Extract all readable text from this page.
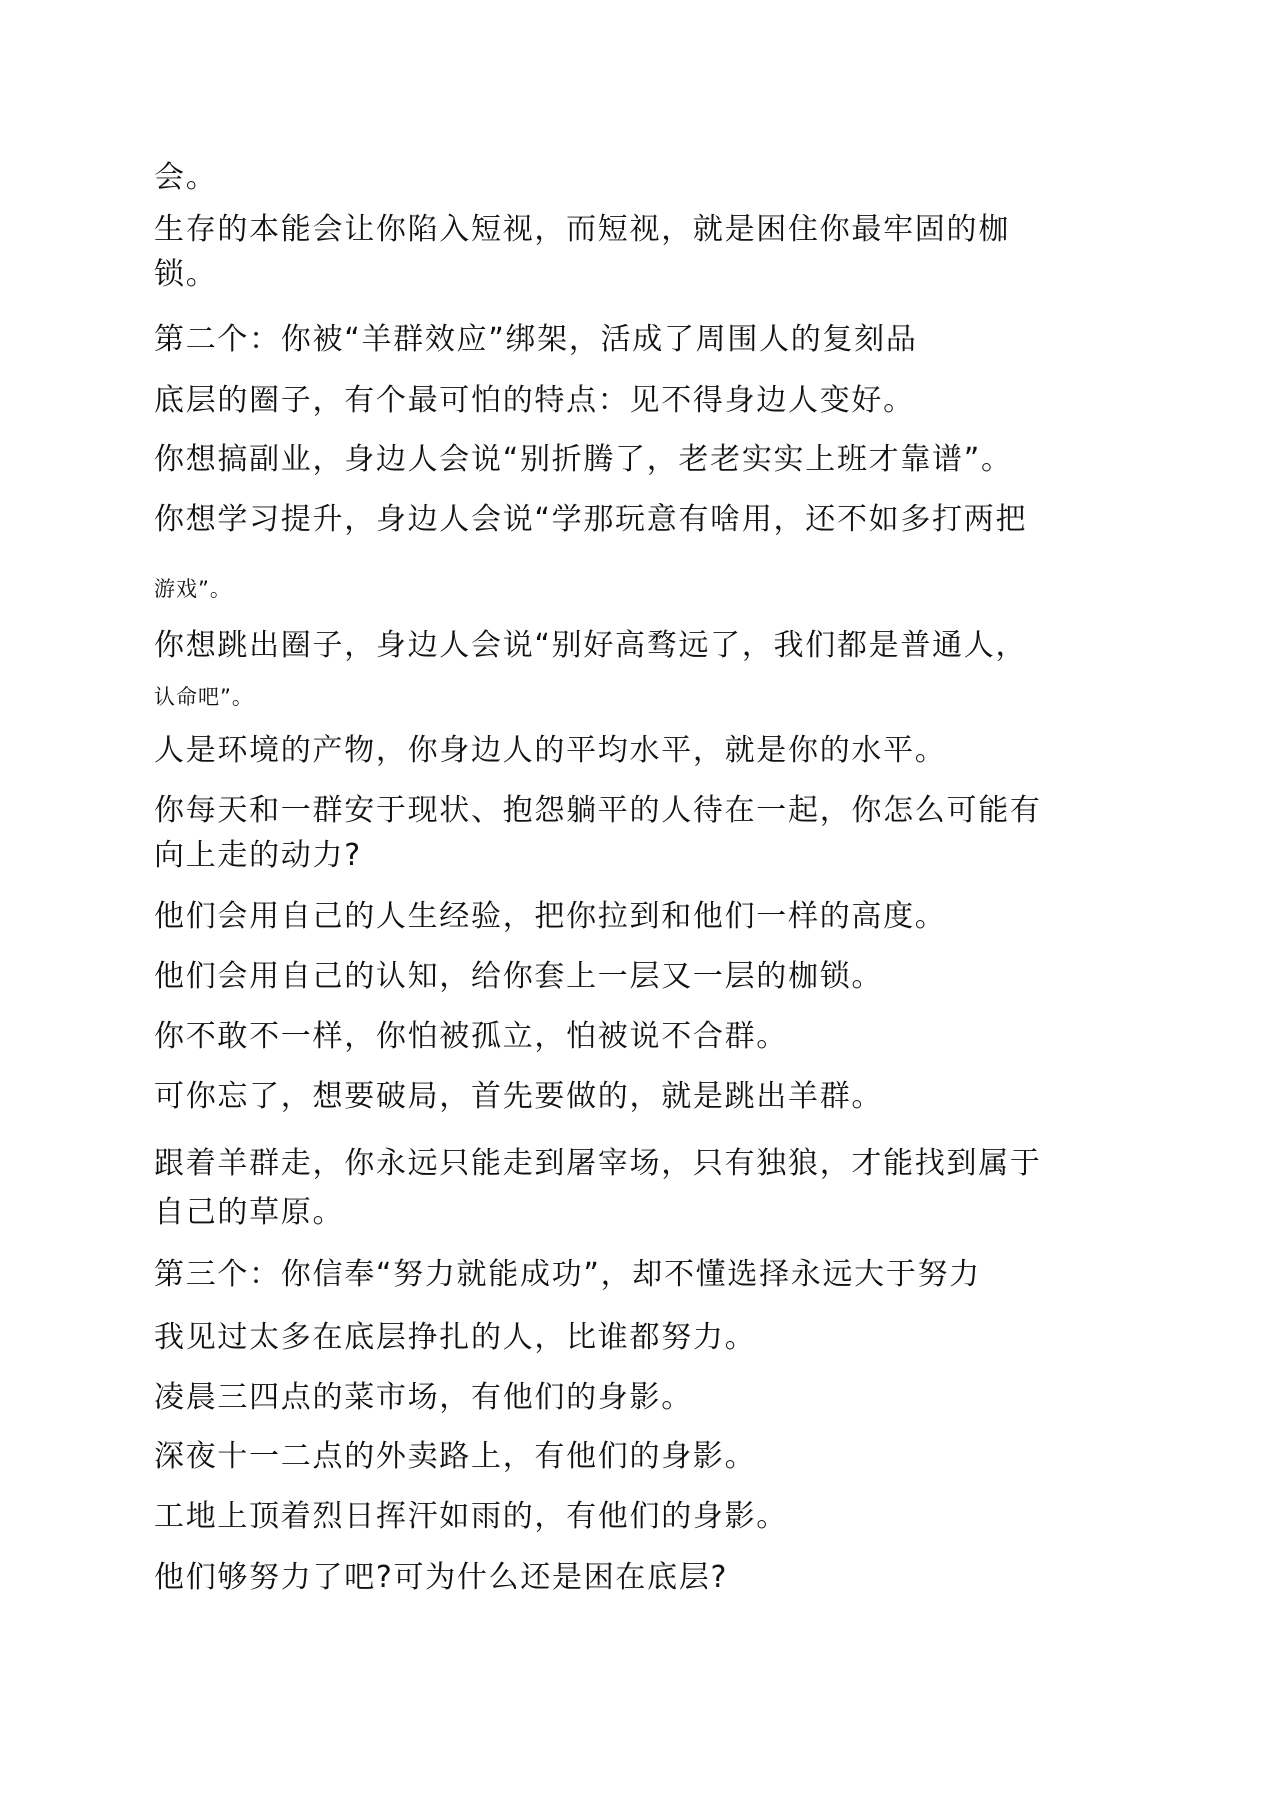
会。

生存的本能会让你陷入短视，而短视，就是困住你最牢固的枷

锁。

第二个：你被“羊群效应”绑架，活成了周围人的复刻品

底层的圈子，有个最可怕的特点：见不得身边人变好。

你想搞副业，身边人会说“别折腾了，老老实实上班才靠谱”。

你想学习提升，身边人会说“学那玩意有啥用，还不如多打两把

游戏”。

你想跳出圈子，身边人会说“别好高骛远了，我们都是普通人，

认命吧”。

人是环境的产物，你身边人的平均水平，就是你的水平。

你每天和一群安于现状、抱怨躺平的人待在一起，你怎么可能有

向上走的动力?

他们会用自己的人生经验，把你拉到和他们一样的高度。

他们会用自己的认知，给你套上一层又一层的枷锁。

你不敢不一样，你怕被孤立，怕被说不合群。

可你忘了，想要破局，首先要做的，就是跳出羊群。

跟着羊群走，你永远只能走到屠宰场，只有独狼，才能找到属于

自己的草原。

第三个：你信奉“努力就能成功”，却不懂选择永远大于努力

我见过太多在底层挣扎的人，比谁都努力。

凌晨三四点的菜市场，有他们的身影。

深夜十一二点的外卖路上，有他们的身影。

工地上顶着烈日挥汗如雨的，有他们的身影。

他们够努力了吧?可为什么还是困在底层?
